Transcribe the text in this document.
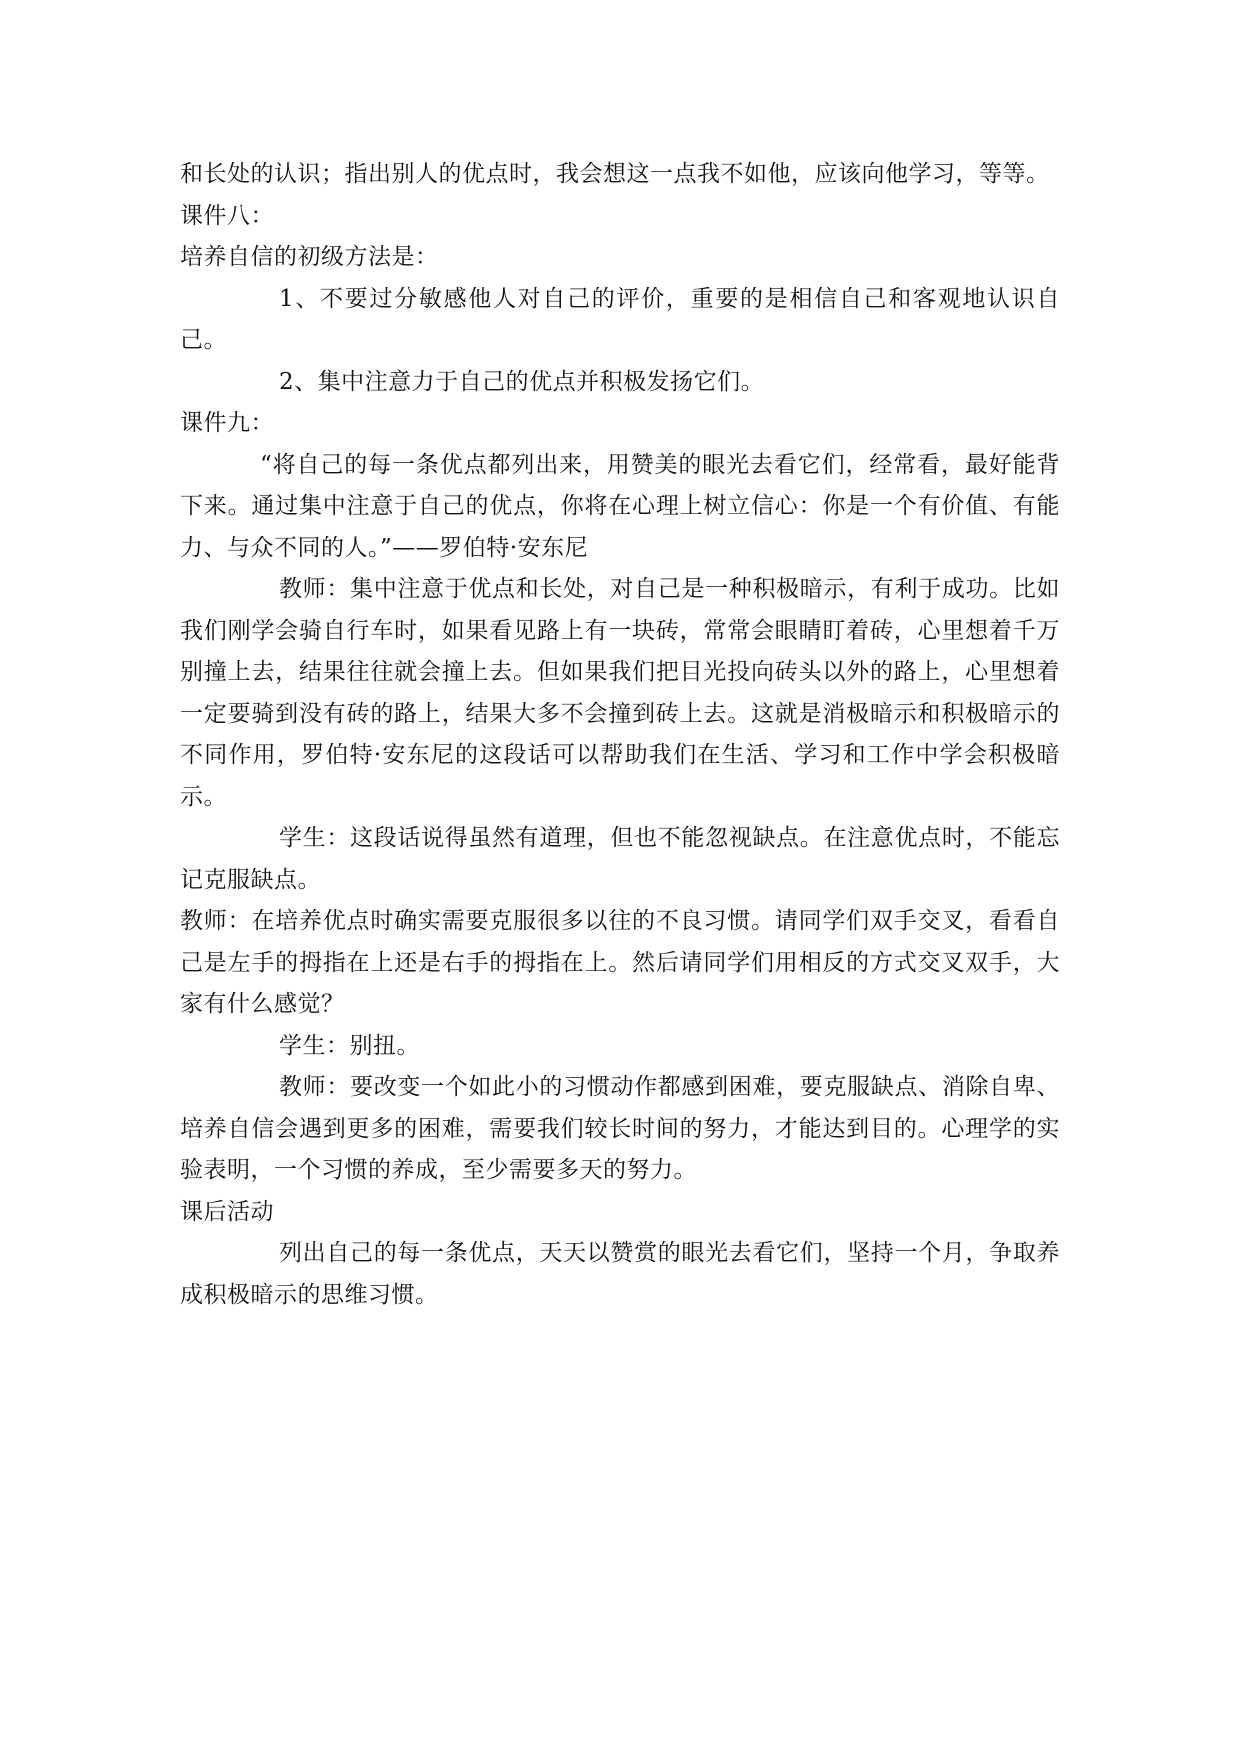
和长处的认识；指出别人的优点时，我会想这一点我不如他，应该向他学习，等等。

课件八：

培养自信的初级方法是：

1、不要过分敏感他人对自己的评价，重要的是相信自己和客观地认识自己。

2、集中注意力于自己的优点并积极发扬它们。

课件九：

“将自己的每一条优点都列出来，用赞美的眼光去看它们，经常看，最好能背下来。通过集中注意于自己的优点，你将在心理上树立信心：你是一个有价值、有能力、与众不同的人。”——罗伯特·安东尼

教师：集中注意于优点和长处，对自己是一种积极暗示，有利于成功。比如我们刚学会骑自行车时，如果看见路上有一块砖，常常会眼睛盯着砖，心里想着千万别撞上去，结果往往就会撞上去。但如果我们把目光投向砖头以外的路上，心里想着一定要骑到没有砖的路上，结果大多不会撞到砖上去。这就是消极暗示和积极暗示的不同作用，罗伯特·安东尼的这段话可以帮助我们在生活、学习和工作中学会积极暗示。

学生：这段话说得虽然有道理，但也不能忽视缺点。在注意优点时，不能忘记克服缺点。

教师：在培养优点时确实需要克服很多以往的不良习惯。请同学们双手交叉，看看自己是左手的拇指在上还是右手的拇指在上。然后请同学们用相反的方式交叉双手，大家有什么感觉？

学生：别扭。

教师：要改变一个如此小的习惯动作都感到困难，要克服缺点、消除自卑、培养自信会遇到更多的困难，需要我们较长时间的努力，才能达到目的。心理学的实验表明，一个习惯的养成，至少需要多天的努力。

课后活动

列出自己的每一条优点，天天以赞赏的眼光去看它们，坚持一个月，争取养成积极暗示的思维习惯。
